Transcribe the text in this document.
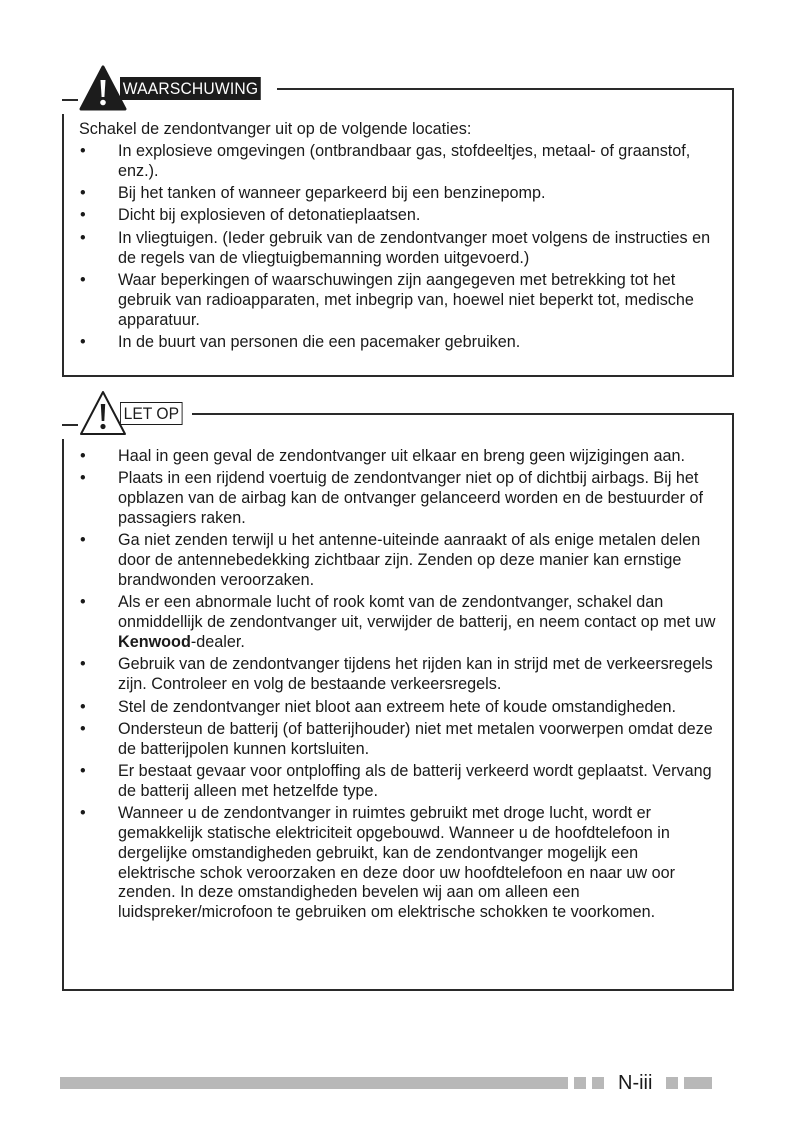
WAARSCHUWING

Schakel de zendontvanger uit op de volgende locaties:

• In explosieve omgevingen (ontbrandbaar gas, stofdeeltjes, metaal- of graanstof, enz.).
• Bij het tanken of wanneer geparkeerd bij een benzinepomp.
• Dicht bij explosieven of detonatieplaatsen.
• In vliegtuigen. (Ieder gebruik van de zendontvanger moet volgens de instructies en de regels van de vliegtuigbemanning worden uitgevoerd.)
• Waar beperkingen of waarschuwingen zijn aangegeven met betrekking tot het gebruik van radioapparaten, met inbegrip van, hoewel niet beperkt tot, medische apparatuur.
• In de buurt van personen die een pacemaker gebruiken.
LET OP
• Haal in geen geval de zendontvanger uit elkaar en breng geen wijzigingen aan.
• Plaats in een rijdend voertuig de zendontvanger niet op of dichtbij airbags. Bij het opblazen van de airbag kan de ontvanger gelanceerd worden en de bestuurder of passagiers raken.
• Ga niet zenden terwijl u het antenne-uiteinde aanraakt of als enige metalen delen door de antennebedekking zichtbaar zijn. Zenden op deze manier kan ernstige brandwonden veroorzaken.
• Als er een abnormale lucht of rook komt van de zendontvanger, schakel dan onmiddellijk de zendontvanger uit, verwijder de batterij, en neem contact op met uw Kenwood-dealer.
• Gebruik van de zendontvanger tijdens het rijden kan in strijd met de verkeersregels zijn. Controleer en volg de bestaande verkeersregels.
• Stel de zendontvanger niet bloot aan extreem hete of koude omstandigheden.
• Ondersteun de batterij (of batterijhouder) niet met metalen voorwerpen omdat deze de batterijpolen kunnen kortsluiten.
• Er bestaat gevaar voor ontploffing als de batterij verkeerd wordt geplaatst. Vervang de batterij alleen met hetzelfde type.
• Wanneer u de zendontvanger in ruimtes gebruikt met droge lucht, wordt er gemakkelijk statische elektriciteit opgebouwd. Wanneer u de hoofdtelefoon in dergelijke omstandigheden gebruikt, kan de zendontvanger mogelijk een elektrische schok veroorzaken en deze door uw hoofdtelefoon en naar uw oor zenden. In deze omstandigheden bevelen wij aan om alleen een luidspreker/microfoon te gebruiken om elektrische schokken te voorkomen.
N-iii
